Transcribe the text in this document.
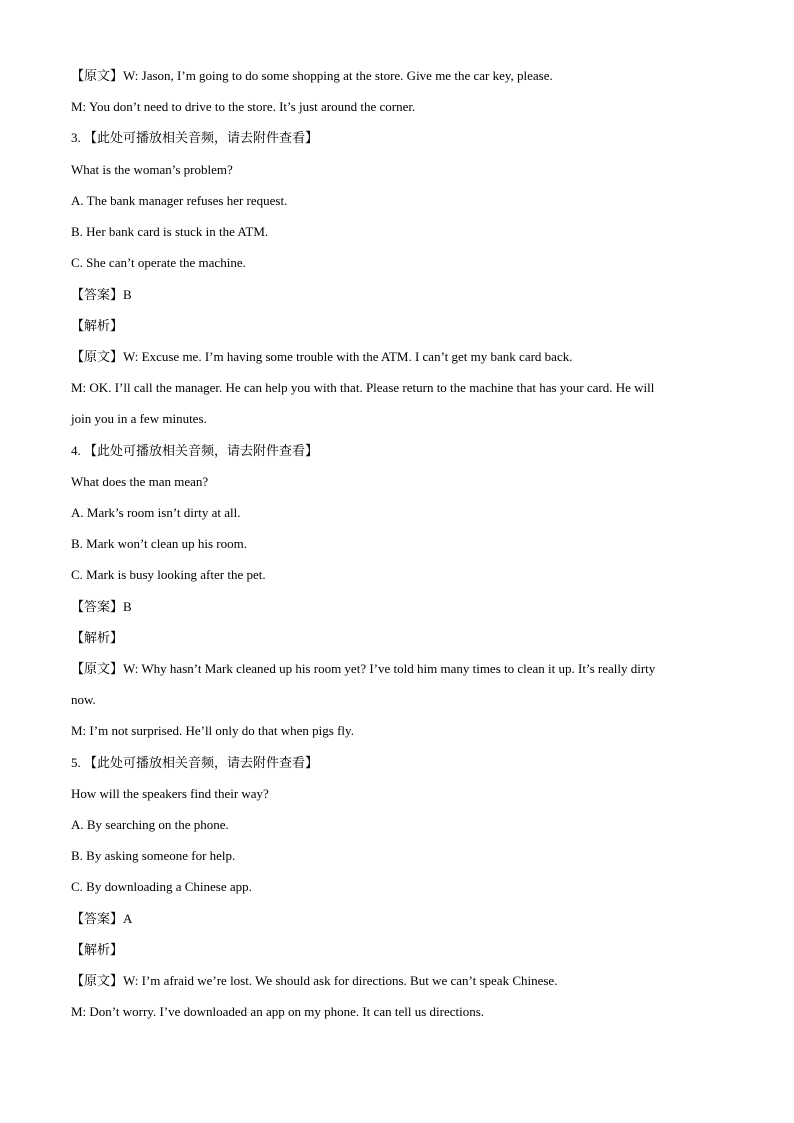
【原文】W: Jason, I’m going to do some shopping at the store. Give me the car key, please.
M: You don’t need to drive to the store. It’s just around the corner.
3. 【此处可播放相关音频，请去附件查看】
What is the woman’s problem?
A. The bank manager refuses her request.
B. Her bank card is stuck in the ATM.
C. She can’t operate the machine.
【答案】B
【解析】
【原文】W: Excuse me. I’m having some trouble with the ATM. I can’t get my bank card back.
M: OK. I’ll call the manager. He can help you with that. Please return to the machine that has your card. He will
join you in a few minutes.
4. 【此处可播放相关音频，请去附件查看】
What does the man mean?
A. Mark’s room isn’t dirty at all.
B. Mark won’t clean up his room.
C. Mark is busy looking after the pet.
【答案】B
【解析】
【原文】W: Why hasn’t Mark cleaned up his room yet? I’ve told him many times to clean it up. It’s really dirty
now.
M: I’m not surprised. He’ll only do that when pigs fly.
5. 【此处可播放相关音频，请去附件查看】
How will the speakers find their way?
A. By searching on the phone.
B. By asking someone for help.
C. By downloading a Chinese app.
【答案】A
【解析】
【原文】W: I’m afraid we’re lost. We should ask for directions. But we can’t speak Chinese.
M: Don’t worry. I’ve downloaded an app on my phone. It can tell us directions.
